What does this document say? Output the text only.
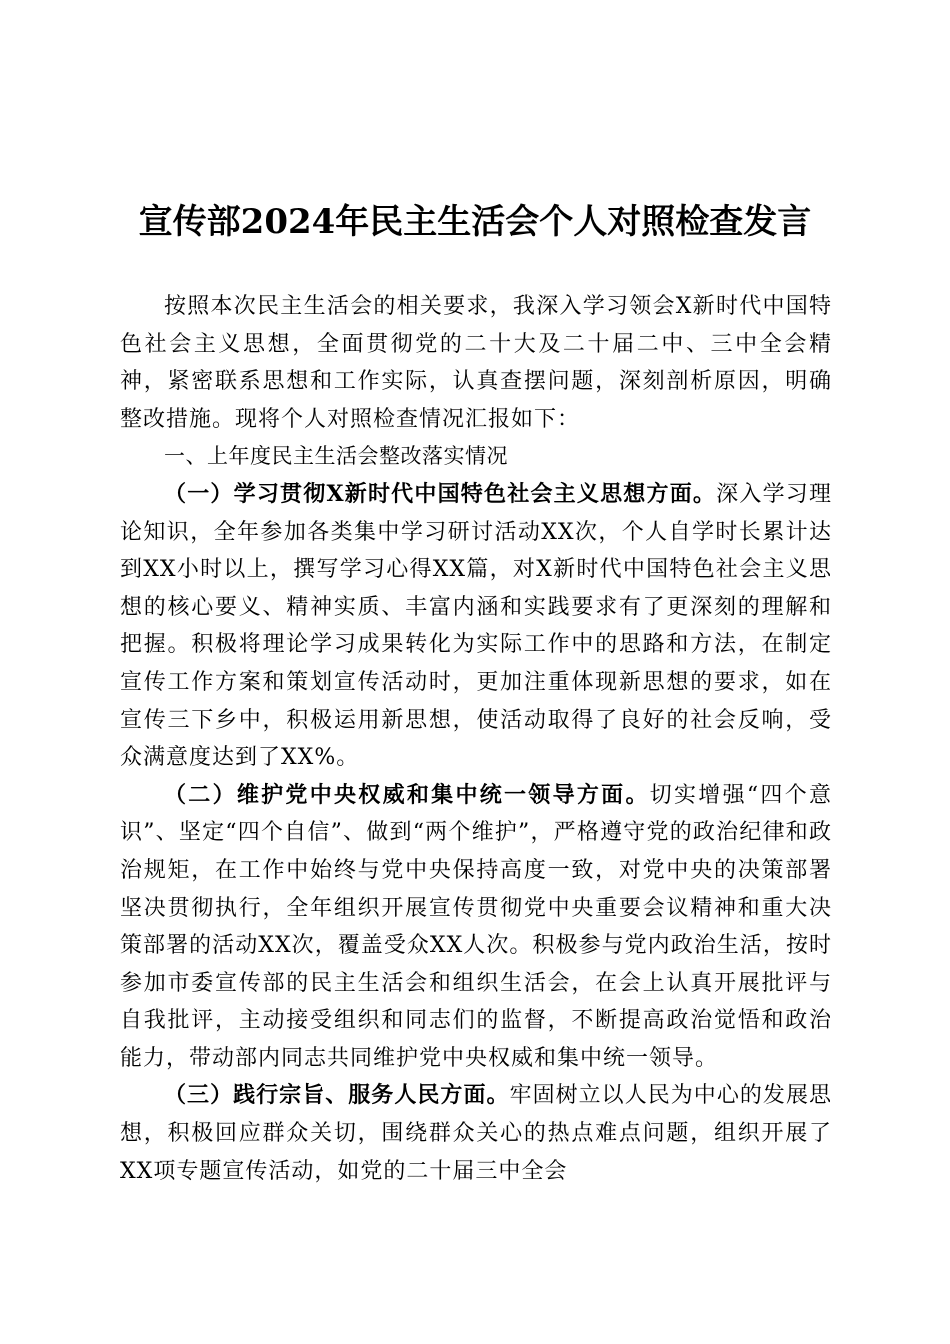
宣传部2024年民主生活会个人对照检查发言

按照本次民主生活会的相关要求，我深入学习领会X新时代中国特色社会主义思想，全面贯彻党的二十大及二十届二中、三中全会精神，紧密联系思想和工作实际，认真查摆问题，深刻剖析原因，明确整改措施。现将个人对照检查情况汇报如下：

一、上年度民主生活会整改落实情况

（一）学习贯彻X新时代中国特色社会主义思想方面。深入学习理论知识，全年参加各类集中学习研讨活动XX次，个人自学时长累计达到XX小时以上，撰写学习心得XX篇，对X新时代中国特色社会主义思想的核心要义、精神实质、丰富内涵和实践要求有了更深刻的理解和把握。积极将理论学习成果转化为实际工作中的思路和方法，在制定宣传工作方案和策划宣传活动时，更加注重体现新思想的要求，如在宣传三下乡中，积极运用新思想，使活动取得了良好的社会反响，受众满意度达到了XX%。

（二）维护党中央权威和集中统一领导方面。切实增强“四个意识”、坚定“四个自信”、做到“两个维护”，严格遵守党的政治纪律和政治规矩，在工作中始终与党中央保持高度一致，对党中央的决策部署坚决贯彻执行，全年组织开展宣传贯彻党中央重要会议精神和重大决策部署的活动XX次，覆盖受众XX人次。积极参与党内政治生活，按时参加市委宣传部的民主生活会和组织生活会，在会上认真开展批评与自我批评，主动接受组织和同志们的监督，不断提高政治觉悟和政治能力，带动部内同志共同维护党中央权威和集中统一领导。

（三）践行宗旨、服务人民方面。牢固树立以人民为中心的发展思想，积极回应群众关切，围绕群众关心的热点难点问题，组织开展了XX项专题宣传活动，如党的二十届三中全会
